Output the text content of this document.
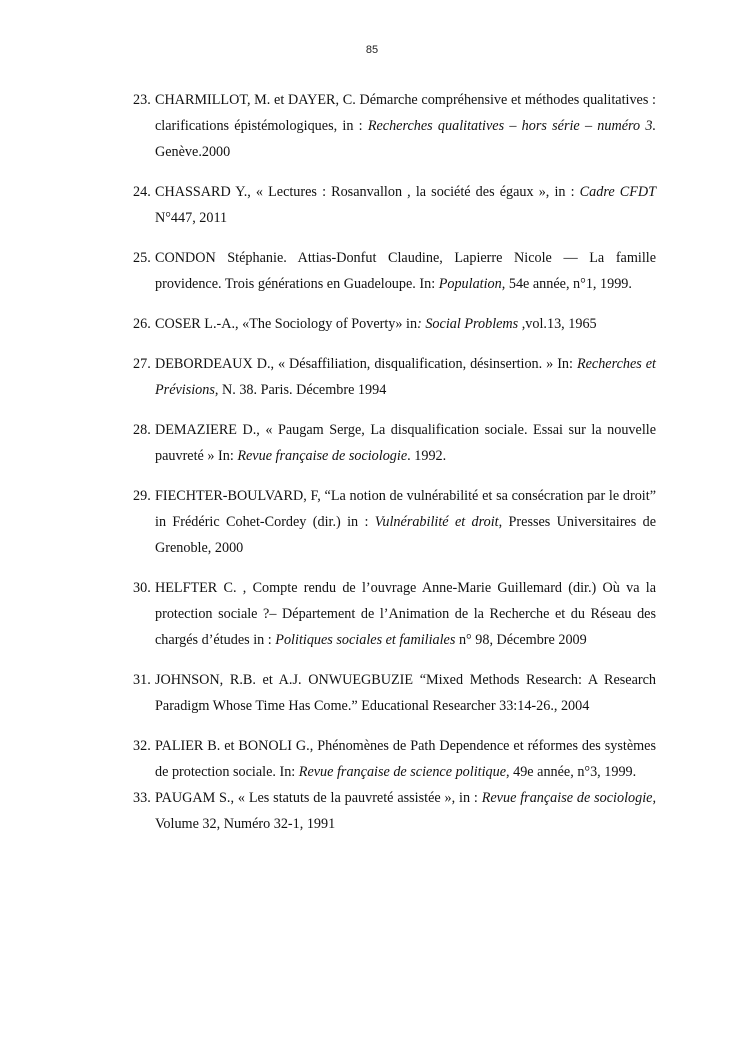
85
23. CHARMILLOT, M. et DAYER, C. Démarche compréhensive et méthodes qualitatives : clarifications épistémologiques, in : Recherches qualitatives – hors série – numéro 3. Genève.2000
24. CHASSARD Y., « Lectures : Rosanvallon , la société des égaux », in : Cadre CFDT N°447, 2011
25. CONDON Stéphanie. Attias-Donfut Claudine, Lapierre Nicole — La famille providence. Trois générations en Guadeloupe. In: Population, 54e année, n°1, 1999.
26. COSER L.-A., «The Sociology of Poverty» in: Social Problems ,vol.13, 1965
27. DEBORDEAUX D., « Désaffiliation, disqualification, désinsertion. » In: Recherches et Prévisions, N. 38. Paris. Décembre 1994
28. DEMAZIERE D., « Paugam Serge, La disqualification sociale. Essai sur la nouvelle pauvreté » In: Revue française de sociologie. 1992.
29. FIECHTER-BOULVARD, F, “La notion de vulnérabilité et sa consécration par le droit” in Frédéric Cohet-Cordey (dir.) in : Vulnérabilité et droit, Presses Universitaires de Grenoble, 2000
30. HELFTER C. , Compte rendu de l’ouvrage Anne-Marie Guillemard (dir.) Où va la protection sociale ?– Département de l’Animation de la Recherche et du Réseau des chargés d’études in : Politiques sociales et familiales n° 98, Décembre 2009
31. JOHNSON, R.B. et A.J. ONWUEGBUZIE “Mixed Methods Research: A Research Paradigm Whose Time Has Come.” Educational Researcher 33:14-26., 2004
32. PALIER B. et BONOLI G., Phénomènes de Path Dependence et réformes des systèmes de protection sociale. In: Revue française de science politique, 49e année, n°3, 1999.
33. PAUGAM S., « Les statuts de la pauvreté assistée », in : Revue française de sociologie, Volume 32, Numéro 32-1, 1991
